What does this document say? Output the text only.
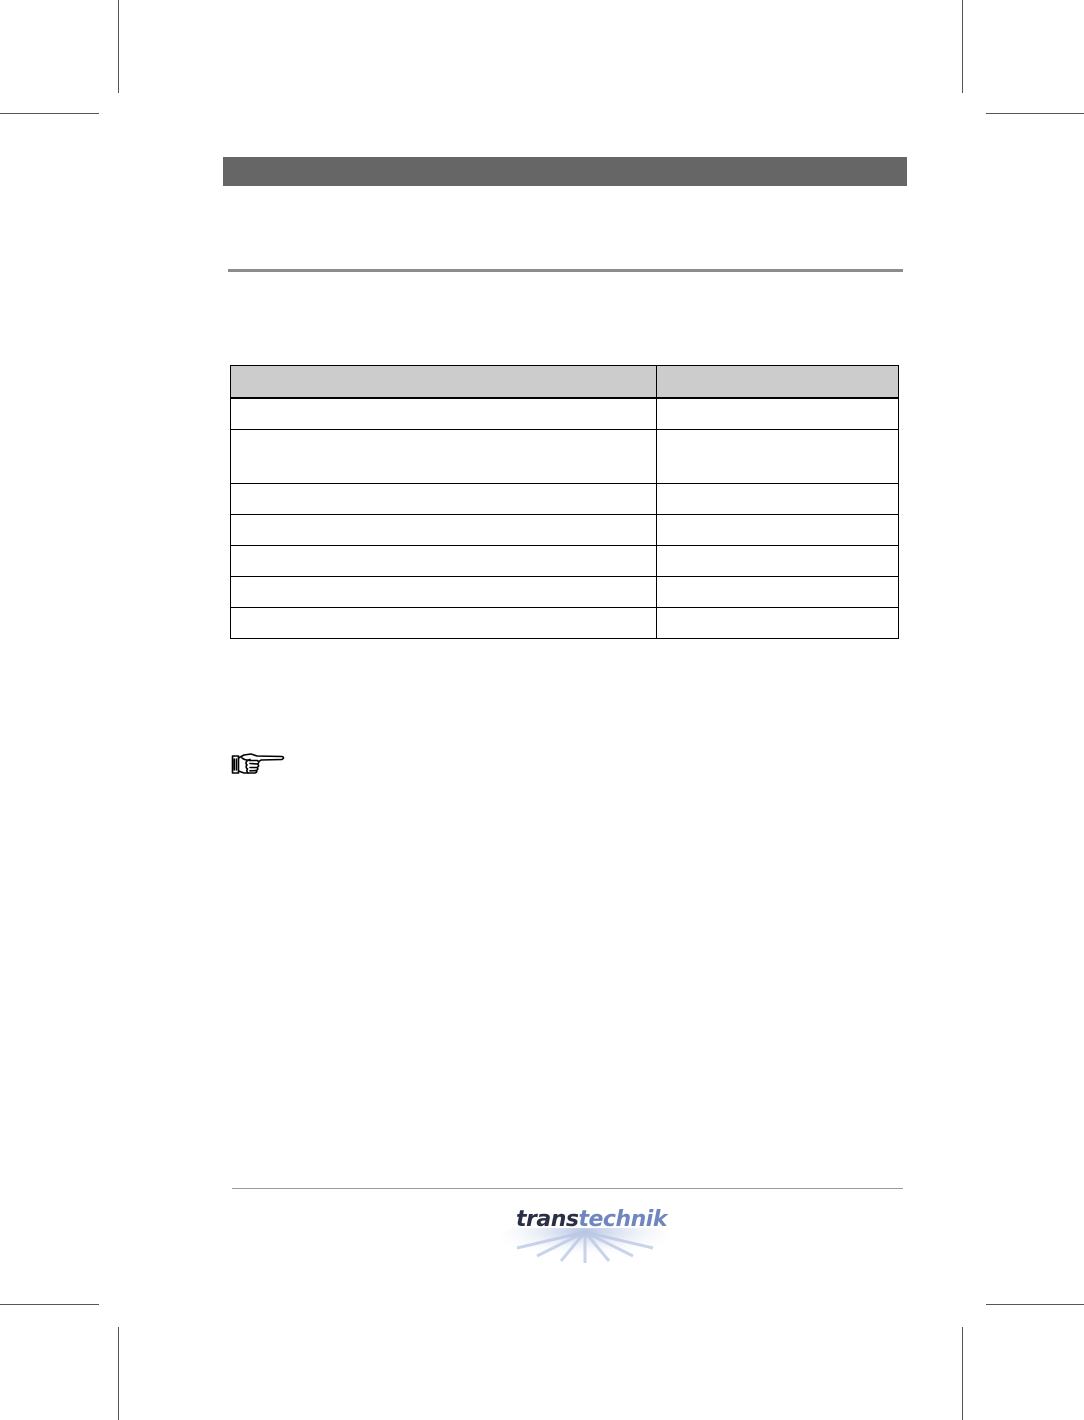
transtechnik
